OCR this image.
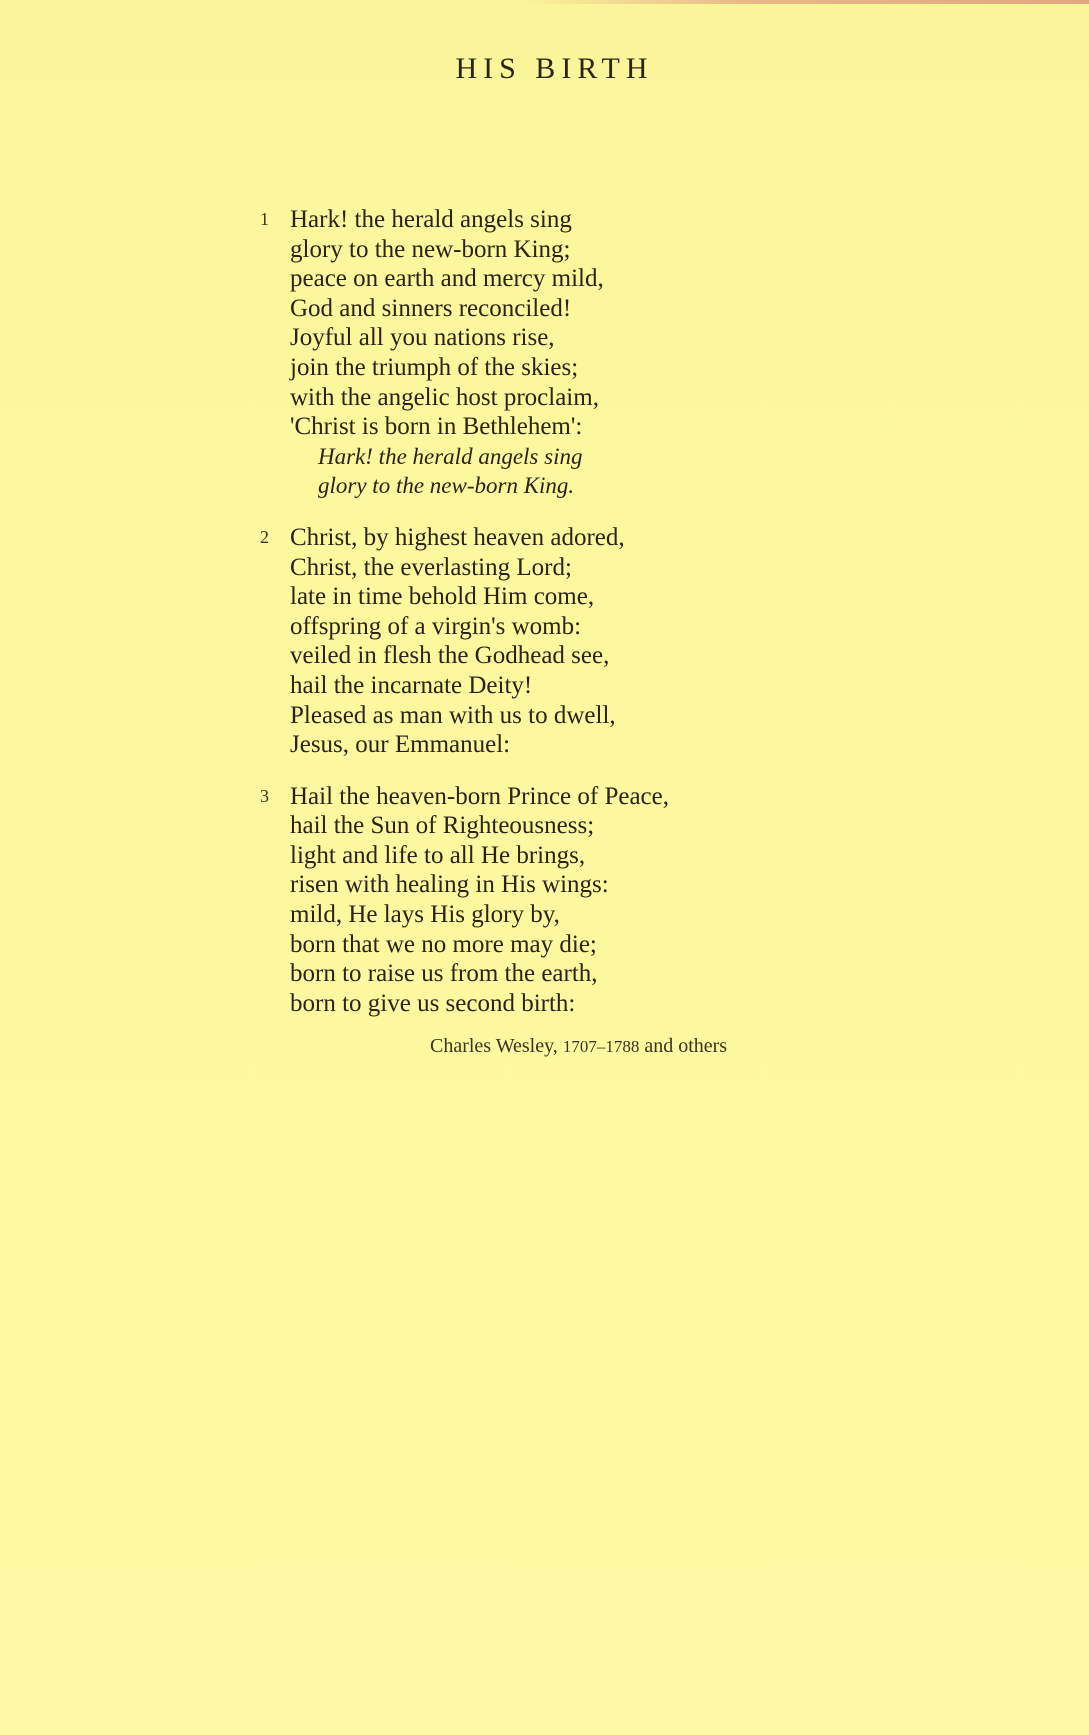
HIS BIRTH
1 Hark! the herald angels sing
glory to the new-born King;
peace on earth and mercy mild,
God and sinners reconciled!
Joyful all you nations rise,
join the triumph of the skies;
with the angelic host proclaim,
'Christ is born in Bethlehem':
Hark! the herald angels sing
glory to the new-born King.
2 Christ, by highest heaven adored,
Christ, the everlasting Lord;
late in time behold Him come,
offspring of a virgin's womb:
veiled in flesh the Godhead see,
hail the incarnate Deity!
Pleased as man with us to dwell,
Jesus, our Emmanuel:
3 Hail the heaven-born Prince of Peace,
hail the Sun of Righteousness;
light and life to all He brings,
risen with healing in His wings:
mild, He lays His glory by,
born that we no more may die;
born to raise us from the earth,
born to give us second birth:
Charles Wesley, 1707–1788 and others
